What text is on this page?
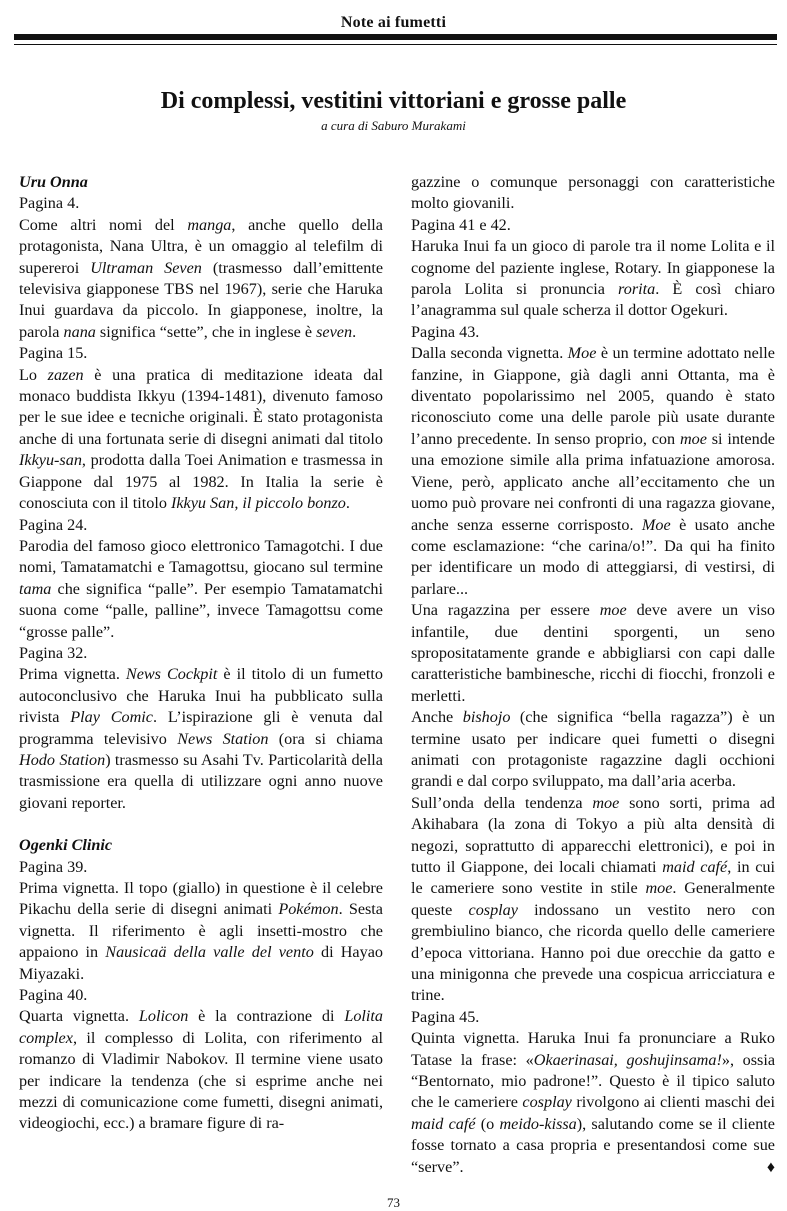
Note ai fumetti
Di complessi, vestitini vittoriani e grosse palle
a cura di Saburo Murakami

Uru Onna

Pagina 4.

Come altri nomi del manga, anche quello della protagonista, Nana Ultra, è un omaggio al telefilm di supereroi Ultraman Seven (trasmesso dall’emittente televisiva giapponese TBS nel 1967), serie che Haruka Inui guardava da piccolo. In giapponese, inoltre, la parola nana significa “sette”, che in inglese è seven.

Pagina 15.

Lo zazen è una pratica di meditazione ideata dal monaco buddista Ikkyu (1394-1481), divenuto famoso per le sue idee e tecniche originali. È stato protagonista anche di una fortunata serie di disegni animati dal titolo Ikkyu-san, prodotta dalla Toei Animation e trasmessa in Giappone dal 1975 al 1982. In Italia la serie è conosciuta con il titolo Ikkyu San, il piccolo bonzo.

Pagina 24.

Parodia del famoso gioco elettronico Tamagotchi. I due nomi, Tamatamatchi e Tamagottsu, giocano sul termine tama che significa “palle”. Per esempio Tamatamatchi suona come “palle, palline”, invece Tamagottsu come “grosse palle”.

Pagina 32.

Prima vignetta. News Cockpit è il titolo di un fumetto autoconclusivo che Haruka Inui ha pubblicato sulla rivista Play Comic. L’ispirazione gli è venuta dal programma televisivo News Station (ora si chiama Hodo Station) trasmesso su Asahi Tv. Particolarità della trasmissione era quella di utilizzare ogni anno nuove giovani reporter.

Ogenki Clinic

Pagina 39.

Prima vignetta. Il topo (giallo) in questione è il celebre Pikachu della serie di disegni animati Pokémon. Sesta vignetta. Il riferimento è agli insetti-mostro che appaiono in Nausicaä della valle del vento di Hayao Miyazaki.

Pagina 40.

Quarta vignetta. Lolicon è la contrazione di Lolita complex, il complesso di Lolita, con riferimento al romanzo di Vladimir Nabokov. Il termine viene usato per indicare la tendenza (che si esprime anche nei mezzi di comunicazione come fumetti, disegni animati, videogiochi, ecc.) a bramare figure di ra-

gazzine o comunque personaggi con caratteristiche molto giovanili.

Pagina 41 e 42.

Haruka Inui fa un gioco di parole tra il nome Lolita e il cognome del paziente inglese, Rotary. In giapponese la parola Lolita si pronuncia rorita. È così chiaro l’anagramma sul quale scherza il dottor Ogekuri.

Pagina 43.

Dalla seconda vignetta. Moe è un termine adottato nelle fanzine, in Giappone, già dagli anni Ottanta, ma è diventato popolarissimo nel 2005, quando è stato riconosciuto come una delle parole più usate durante l’anno precedente. In senso proprio, con moe si intende una emozione simile alla prima infatuazione amorosa. Viene, però, applicato anche all’eccitamento che un uomo può provare nei confronti di una ragazza giovane, anche senza esserne corrisposto. Moe è usato anche come esclamazione: “che carina/o!”. Da qui ha finito per identificare un modo di atteggiarsi, di vestirsi, di parlare...

Una ragazzina per essere moe deve avere un viso infantile, due dentini sporgenti, un seno spropositatamente grande e abbigliarsi con capi dalle caratteristiche bambinesche, ricchi di fiocchi, fronzoli e merletti.

Anche bishojo (che significa “bella ragazza”) è un termine usato per indicare quei fumetti o disegni animati con protagoniste ragazzine dagli occhioni grandi e dal corpo sviluppato, ma dall’aria acerba.

Sull’onda della tendenza moe sono sorti, prima ad Akihabara (la zona di Tokyo a più alta densità di negozi, soprattutto di apparecchi elettronici), e poi in tutto il Giappone, dei locali chiamati maid café, in cui le cameriere sono vestite in stile moe. Generalmente queste cosplay indossano un vestito nero con grembiulino bianco, che ricorda quello delle cameriere d’epoca vittoriana. Hanno poi due orecchie da gatto e una minigonna che prevede una cospicua arricciatura e trine.

Pagina 45.

Quinta vignetta. Haruka Inui fa pronunciare a Ruko Tatase la frase: «Okaerinasai, goshujinsama!», ossia “Bentornato, mio padrone!”. Questo è il tipico saluto che le cameriere cosplay rivolgono ai clienti maschi dei maid café (o meido-kissa), salutando come se il cliente fosse tornato a casa propria e presentandosi come sue “serve”.	♦

73
